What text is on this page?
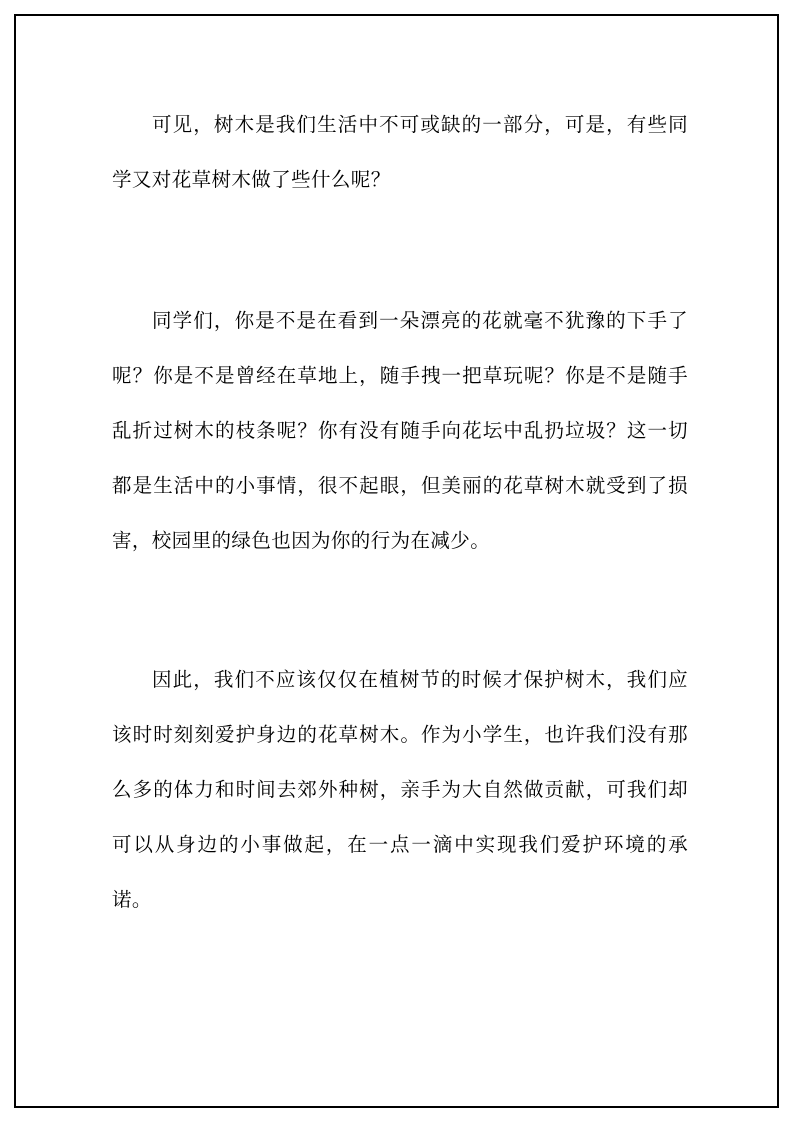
可见，树木是我们生活中不可或缺的一部分，可是，有些同学又对花草树木做了些什么呢？

同学们，你是不是在看到一朵漂亮的花就毫不犹豫的下手了呢？你是不是曾经在草地上，随手拽一把草玩呢？你是不是随手乱折过树木的枝条呢？你有没有随手向花坛中乱扔垃圾？这一切都是生活中的小事情，很不起眼，但美丽的花草树木就受到了损害，校园里的绿色也因为你的行为在减少。

因此，我们不应该仅仅在植树节的时候才保护树木，我们应该时时刻刻爱护身边的花草树木。作为小学生，也许我们没有那么多的体力和时间去郊外种树，亲手为大自然做贡献，可我们却可以从身边的小事做起，在一点一滴中实现我们爱护环境的承诺。
